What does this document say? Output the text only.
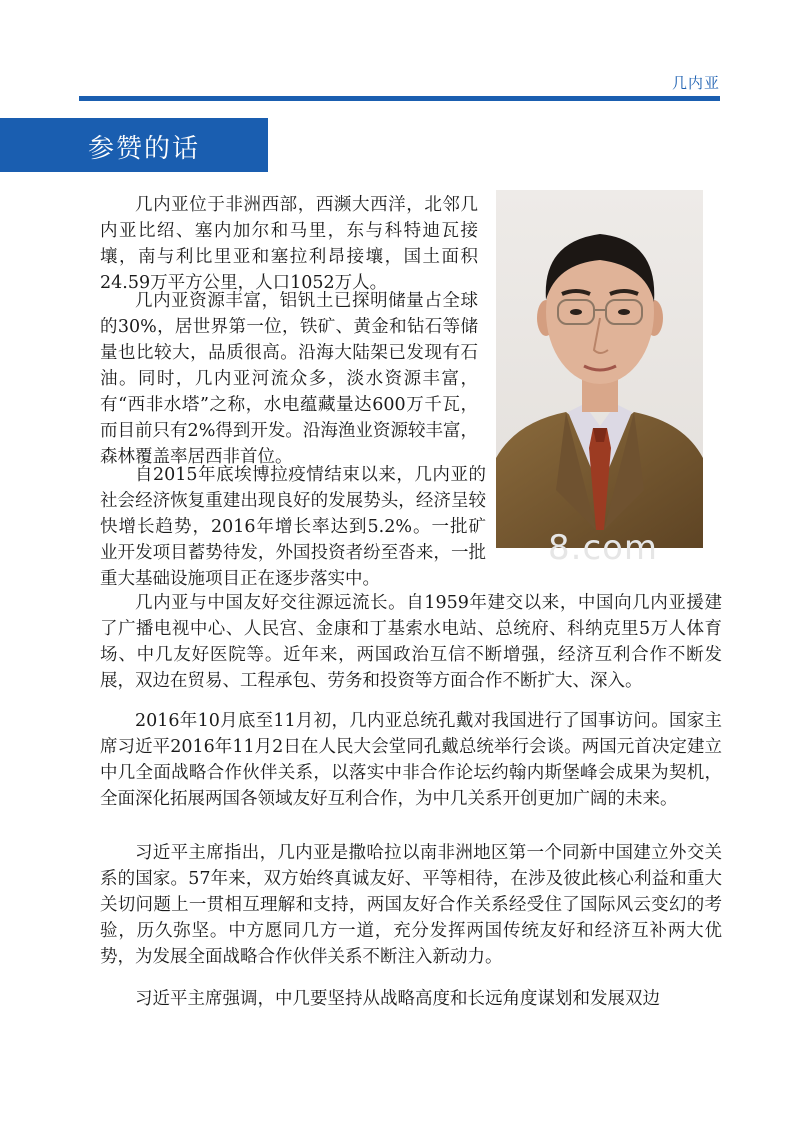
几内亚
参赞的话
8.com

几内亚位于非洲西部，西濒大西洋，北邻几内亚比绍、塞内加尔和马里，东与科特迪瓦接壤，南与利比里亚和塞拉利昂接壤，国土面积24.59万平方公里，人口1052万人。

几内亚资源丰富，铝钒土已探明储量占全球的30%，居世界第一位，铁矿、黄金和钻石等储量也比较大，品质很高。沿海大陆架已发现有石油。同时，几内亚河流众多，淡水资源丰富，有“西非水塔”之称，水电蕴藏量达600万千瓦，而目前只有2%得到开发。沿海渔业资源较丰富，森林覆盖率居西非首位。

自2015年底埃博拉疫情结束以来，几内亚的社会经济恢复重建出现良好的发展势头，经济呈较快增长趋势，2016年增长率达到5.2%。一批矿业开发项目蓄势待发，外国投资者纷至沓来，一批重大基础设施项目正在逐步落实中。

几内亚与中国友好交往源远流长。自1959年建交以来，中国向几内亚援建了广播电视中心、人民宫、金康和丁基索水电站、总统府、科纳克里5万人体育场、中几友好医院等。近年来，两国政治互信不断增强，经济互利合作不断发展，双边在贸易、工程承包、劳务和投资等方面合作不断扩大、深入。

2016年10月底至11月初，几内亚总统孔戴对我国进行了国事访问。国家主席习近平2016年11月2日在人民大会堂同孔戴总统举行会谈。两国元首决定建立中几全面战略合作伙伴关系，以落实中非合作论坛约翰内斯堡峰会成果为契机，全面深化拓展两国各领域友好互利合作，为中几关系开创更加广阔的未来。

习近平主席指出，几内亚是撒哈拉以南非洲地区第一个同新中国建立外交关系的国家。57年来，双方始终真诚友好、平等相待，在涉及彼此核心利益和重大关切问题上一贯相互理解和支持，两国友好合作关系经受住了国际风云变幻的考验，历久弥坚。中方愿同几方一道，充分发挥两国传统友好和经济互补两大优势，为发展全面战略合作伙伴关系不断注入新动力。

习近平主席强调，中几要坚持从战略高度和长远角度谋划和发展双边
